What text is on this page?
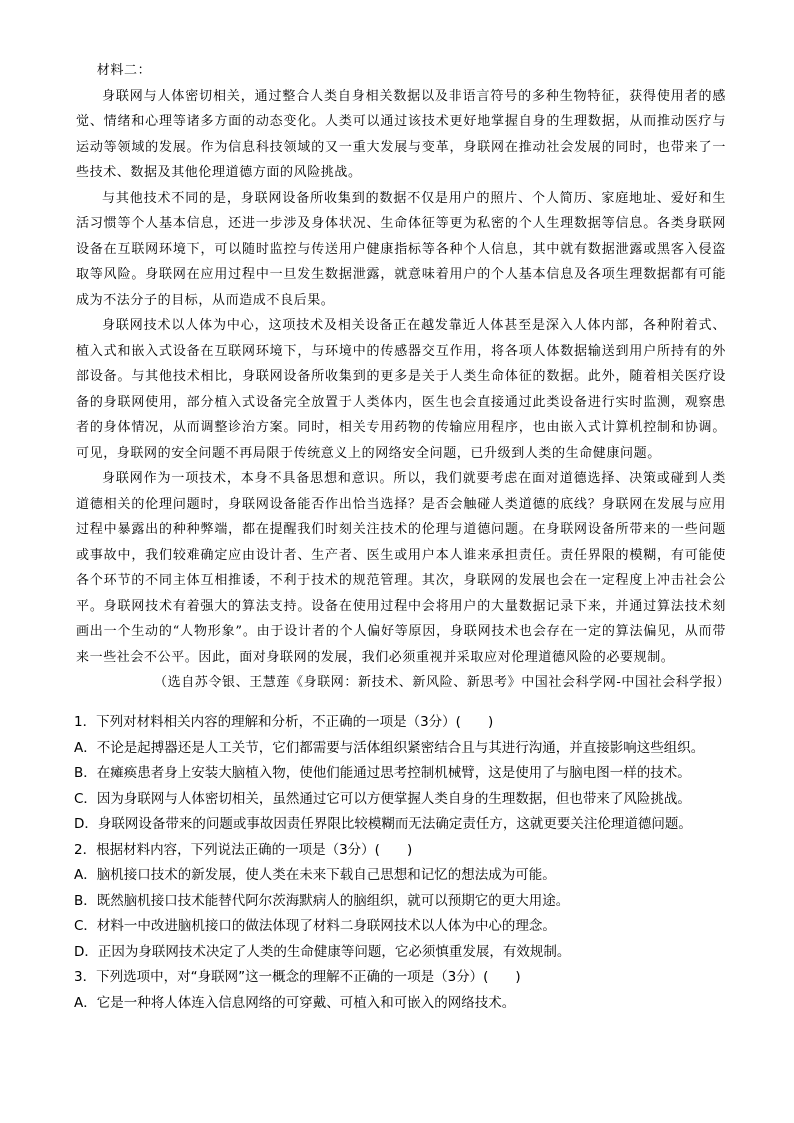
材料二：

身联网与人体密切相关，通过整合人类自身相关数据以及非语言符号的多种生物特征，获得使用者的感觉、情绪和心理等诸多方面的动态变化。人类可以通过该技术更好地掌握自身的生理数据，从而推动医疗与运动等领域的发展。作为信息科技领域的又一重大发展与变革，身联网在推动社会发展的同时，也带来了一些技术、数据及其他伦理道德方面的风险挑战。

与其他技术不同的是，身联网设备所收集到的数据不仅是用户的照片、个人简历、家庭地址、爱好和生活习惯等个人基本信息，还进一步涉及身体状况、生命体征等更为私密的个人生理数据等信息。各类身联网设备在互联网环境下，可以随时监控与传送用户健康指标等各种个人信息，其中就有数据泄露或黑客入侵盗取等风险。身联网在应用过程中一旦发生数据泄露，就意味着用户的个人基本信息及各项生理数据都有可能成为不法分子的目标，从而造成不良后果。

身联网技术以人体为中心，这项技术及相关设备正在越发靠近人体甚至是深入人体内部，各种附着式、植入式和嵌入式设备在互联网环境下，与环境中的传感器交互作用，将各项人体数据输送到用户所持有的外部设备。与其他技术相比，身联网设备所收集到的更多是关于人类生命体征的数据。此外，随着相关医疗设备的身联网使用，部分植入式设备完全放置于人类体内，医生也会直接通过此类设备进行实时监测，观察患者的身体情况，从而调整诊治方案。同时，相关专用药物的传输应用程序，也由嵌入式计算机控制和协调。可见，身联网的安全问题不再局限于传统意义上的网络安全问题，已升级到人类的生命健康问题。

身联网作为一项技术，本身不具备思想和意识。所以，我们就要考虑在面对道德选择、决策或碰到人类道德相关的伦理问题时，身联网设备能否作出恰当选择？是否会触碰人类道德的底线？身联网在发展与应用过程中暴露出的种种弊端，都在提醒我们时刻关注技术的伦理与道德问题。在身联网设备所带来的一些问题或事故中，我们较难确定应由设计者、生产者、医生或用户本人谁来承担责任。责任界限的模糊，有可能使各个环节的不同主体互相推诿，不利于技术的规范管理。其次，身联网的发展也会在一定程度上冲击社会公平。身联网技术有着强大的算法支持。设备在使用过程中会将用户的大量数据记录下来，并通过算法技术刻画出一个生动的“人物形象”。由于设计者的个人偏好等原因，身联网技术也会存在一定的算法偏见，从而带来一些社会不公平。因此，面对身联网的发展，我们必须重视并采取应对伦理道德风险的必要规制。

（选自苏令银、王慧莲《身联网：新技术、新风险、新思考》中国社会科学网-中国社会科学报）

1．下列对材料相关内容的理解和分析，不正确的一项是（3分）(　　)

A．不论是起搏器还是人工关节，它们都需要与活体组织紧密结合且与其进行沟通，并直接影响这些组织。

B．在瘫痪患者身上安装大脑植入物，使他们能通过思考控制机械臂，这是使用了与脑电图一样的技术。

C．因为身联网与人体密切相关，虽然通过它可以方便掌握人类自身的生理数据，但也带来了风险挑战。

D．身联网设备带来的问题或事故因责任界限比较模糊而无法确定责任方，这就更要关注伦理道德问题。

2．根据材料内容，下列说法正确的一项是（3分）(　　)

A．脑机接口技术的新发展，使人类在未来下载自己思想和记忆的想法成为可能。

B．既然脑机接口技术能替代阿尔茨海默病人的脑组织，就可以预期它的更大用途。

C．材料一中改进脑机接口的做法体现了材料二身联网技术以人体为中心的理念。

D．正因为身联网技术决定了人类的生命健康等问题，它必须慎重发展，有效规制。

3．下列选项中，对“身联网”这一概念的理解不正确的一项是（3分）(　　)

A．它是一种将人体连入信息网络的可穿戴、可植入和可嵌入的网络技术。
